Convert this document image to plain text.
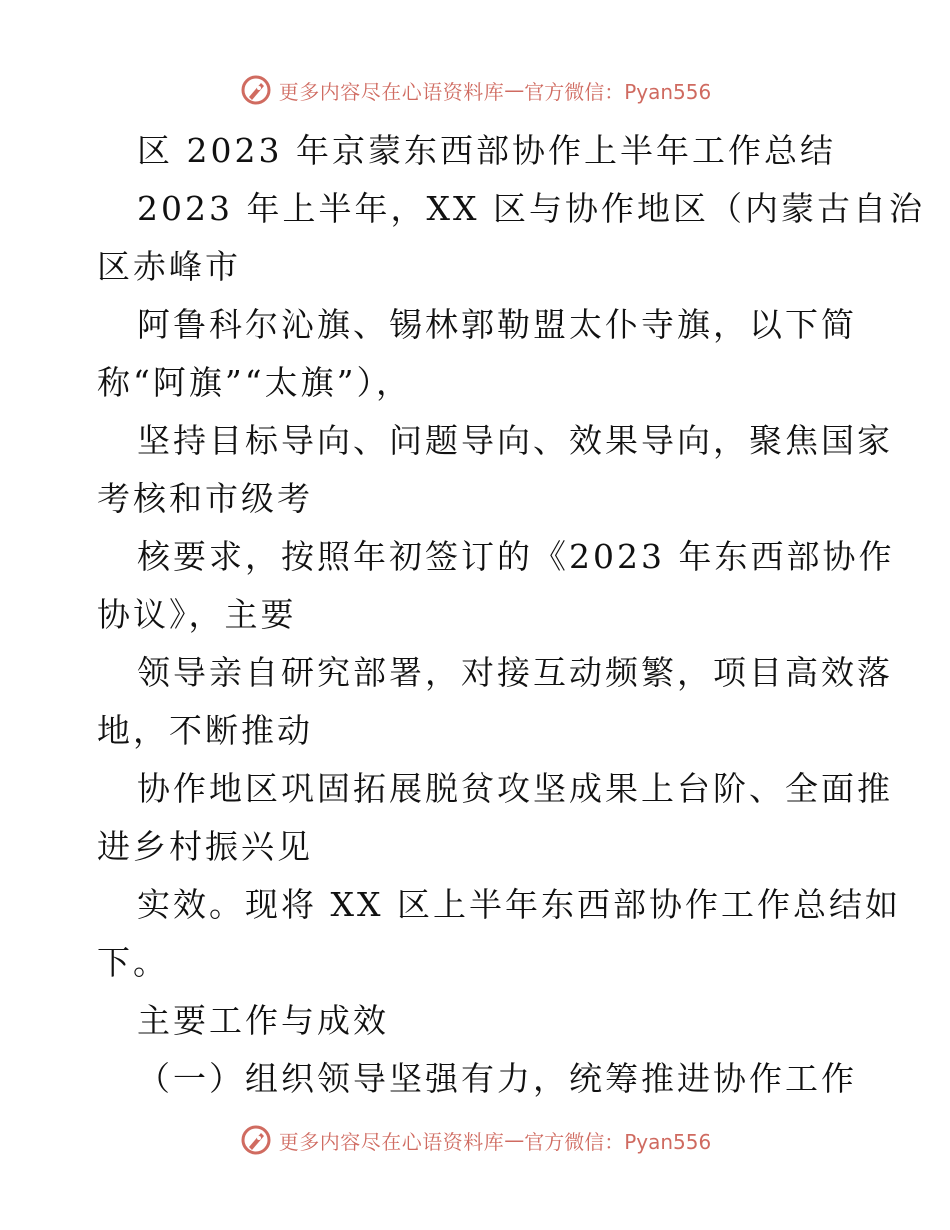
更多内容尽在心语资料库 — 官方微信：Pyan556
区 2023 年京蒙东西部协作上半年工作总结
2023 年上半年，XX 区与协作地区（内蒙古自治
区赤峰市
阿鲁科尔沁旗、锡林郭勒盟太仆寺旗，以下简
称“阿旗”“太旗”），
坚持目标导向、问题导向、效果导向，聚焦国家
考核和市级考
核要求，按照年初签订的《2023 年东西部协作
协议》，主要
领导亲自研究部署，对接互动频繁，项目高效落
地，不断推动
协作地区巩固拓展脱贫攻坚成果上台阶、全面推
进乡村振兴见
实效。现将 XX 区上半年东西部协作工作总结如
下。
主要工作与成效
（一）组织领导坚强有力，统筹推进协作工作
更多内容尽在心语资料库 — 官方微信：Pyan556
